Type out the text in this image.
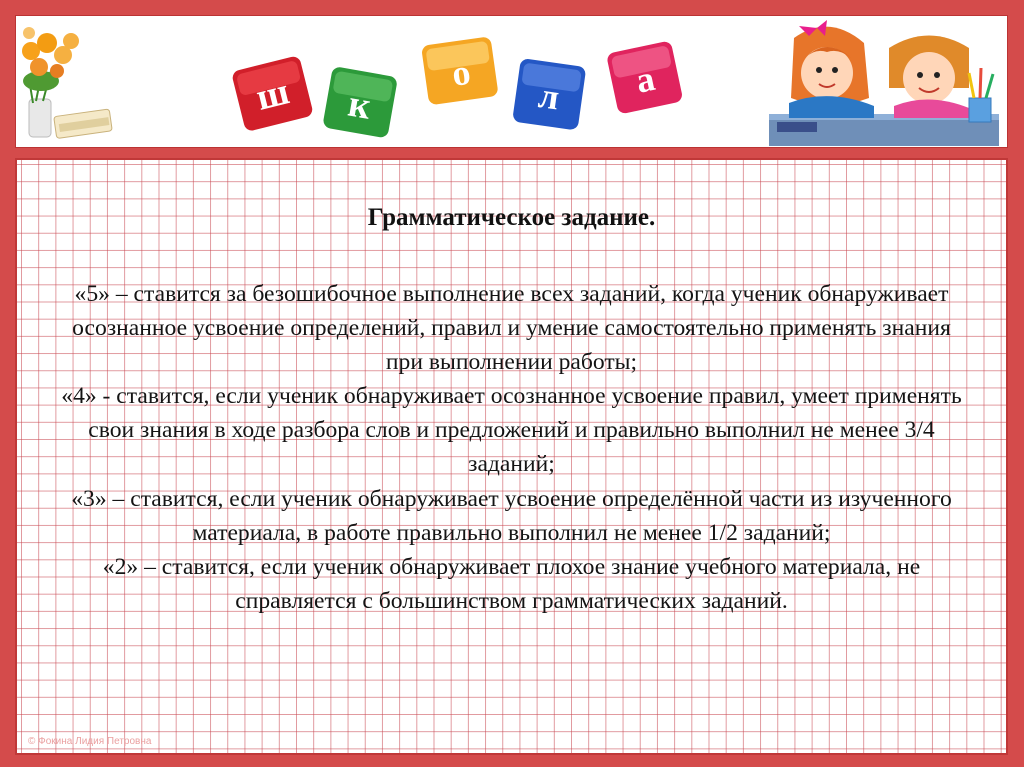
ш к
о
л а
Грамматическое задание.

«5» – ставится за безошибочное выполнение всех заданий, когда ученик обнаруживает осознанное усвоение определений, правил и умение самостоятельно применять знания при выполнении работы;

«4» - ставится, если ученик обнаруживает осознанное усвоение правил, умеет применять свои знания в ходе разбора слов и предложений и правильно выполнил не менее 3/4 заданий;

«3» – ставится, если ученик обнаруживает усвоение определённой части из изученного материала, в работе правильно выполнил не менее 1/2 заданий;

«2» – ставится, если ученик обнаруживает плохое знание учебного материала, не справляется с большинством грамматических заданий.

© Фокина Лидия Петровна
